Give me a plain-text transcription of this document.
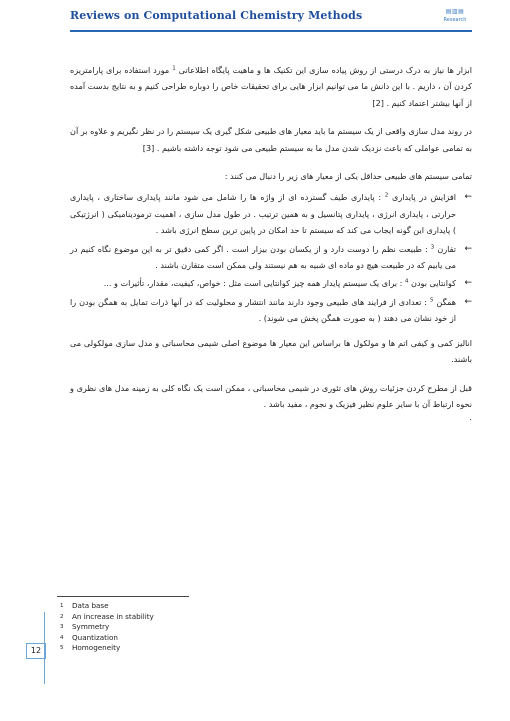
Reviews on Computational Chemistry Methods	▤▥▤
Research

ابزار ها نیاز به درک درستی از روش پیاده سازی این تکنیک ها و ماهیت پایگاه اطلاعاتی $^1$ مورد استفاده برای پارامتریزه کردن آن ، داریم . با این دانش ما می توانیم ابزار هایی برای تحقیقات خاص را دوباره طراحی کنیم و به نتایج بدست آمده از آنها بیشتر اعتماد کنیم . [2]

در روند مدل سازی واقعی از یک سیستم ما باید معیار های طبیعی شکل گیری یک سیستم را در نظر نگیریم و علاوه بر آن به تمامی عواملی که باعث نزدیک شدن مدل ما به سیستم طبیعی می شود توجه داشته باشیم . [3]

تمامی سیستم های طبیعی حداقل یکی از معیار های زیر را دنبال می کنند :

←
افزایش در پایداری $^2$ : پایداری طیف گسترده ای از واژه ها را شامل می شود مانند پایداری ساختاری ، پایداری حرارتی ، پایداری انرژی ، پایداری پتانسیل و به همین ترتیب . در طول مدل سازی ، اهمیت ترمودینامیکی ( انرژتیکی ) پایداری این گونه ایجاب می کند که سیستم تا حد امکان در پایین ترین سطح انرژی باشد .
←
تقارن $^3$ : طبیعت نظم را دوست دارد و از یکسان بودن بیزار است . اگر کمی دقیق تر به این موضوع نگاه کنیم در می یابیم که در طبیعت هیچ دو ماده ای شبیه به هم نیستند ولی ممکن است متقارن باشند .
←
کوانتایی بودن $^4$ : برای یک سیستم پایدار همه چیز کوانتایی است مثل : خواص، کیفیت، مقدار، تأثیرات و ...
←
همگن $^5$ : تعدادی از فرایند های طبیعی وجود دارند مانند انتشار و محلولیت که در آنها ذرات تمایل به همگن بودن را از خود نشان می دهند ( به صورت همگن پخش می شوند) .

انالیز کمی و کیفی اتم ها و مولکول ها براساس این معیار ها موضوع اصلی شیمی محاسباتی و مدل سازی مولکولی می باشند.

قبل از مطرح کردن جزئیات روش های تئوری در شیمی محاسباتی ، ممکن است یک نگاه کلی به زمینه مدل های نظری و نحوه ارتباط آن با سایر علوم نظیر فیزیک و نجوم ، مفید باشد .

.
1 Data base
2 An increase in stability
3 Symmetry
4 Quantization
5 Homogeneity
12
